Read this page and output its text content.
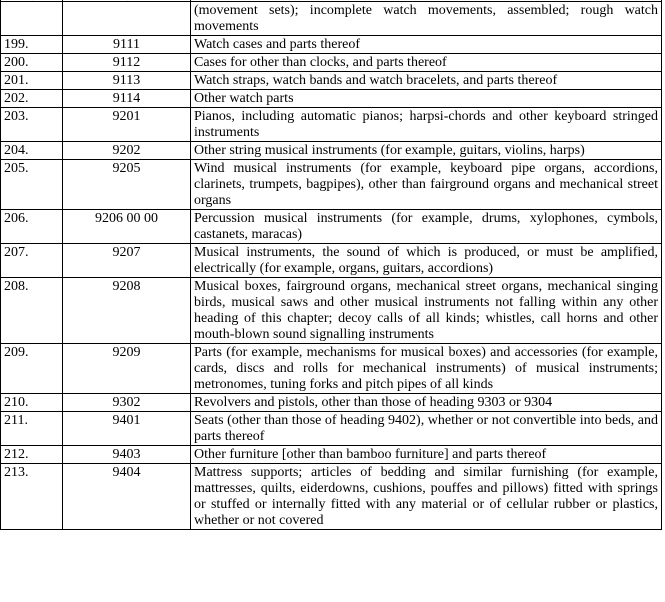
		(movement sets); incomplete watch movements, assembled; rough watch movements
199.	9111	Watch cases and parts thereof
200.	9112	Cases for other than clocks, and parts thereof
201.	9113	Watch straps, watch bands and watch bracelets, and parts thereof
202.	9114	Other watch parts
203.	9201	Pianos, including automatic pianos; harpsi-chords and other keyboard stringed instruments
204.	9202	Other string musical instruments (for example, guitars, violins, harps)
205.	9205	Wind musical instruments (for example, keyboard pipe organs, accordions, clarinets, trumpets, bagpipes), other than fairground organs and mechanical street organs
206.	9206 00 00	Percussion musical instruments (for example, drums, xylophones, cymbols, castanets, maracas)
207.	9207	Musical instruments, the sound of which is produced, or must be amplified, electrically (for example, organs, guitars, accordions)
208.	9208	Musical boxes, fairground organs, mechanical street organs, mechanical singing birds, musical saws and other musical instruments not falling within any other heading of this chapter; decoy calls of all kinds; whistles, call horns and other mouth-blown sound signalling instruments
209.	9209	Parts (for example, mechanisms for musical boxes) and accessories (for example, cards, discs and rolls for mechanical instruments) of musical instruments; metronomes, tuning forks and pitch pipes of all kinds
210.	9302	Revolvers and pistols, other than those of heading 9303 or 9304
211.	9401	Seats (other than those of heading 9402), whether or not convertible into beds, and parts thereof
212.	9403	Other furniture [other than bamboo furniture] and parts thereof
213.	9404	Mattress supports; articles of bedding and similar furnishing (for example, mattresses, quilts, eiderdowns, cushions, pouffes and pillows) fitted with springs or stuffed or internally fitted with any material or of cellular rubber or plastics, whether or not covered
